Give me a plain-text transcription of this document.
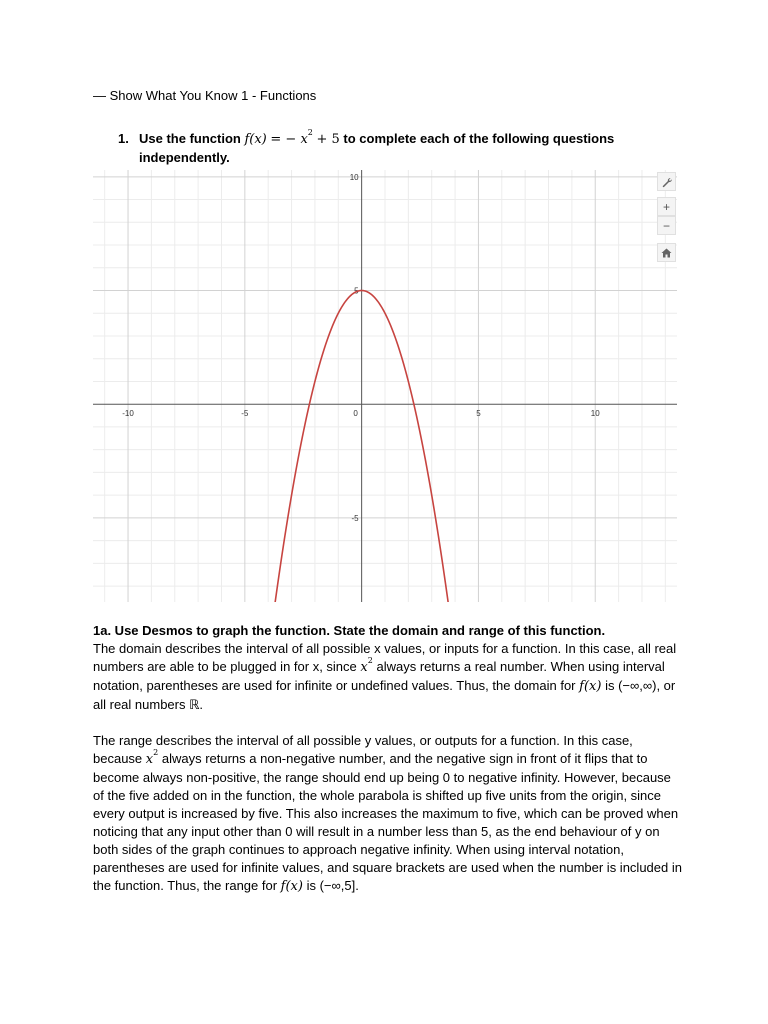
— Show What You Know 1 - Functions
1. Use the function f(x) = − $x^2 + 5$ to complete each of the following questions independently.
-10	-5	0	5	10
-5
5
10
+
−

1a. Use Desmos to graph the function. State the domain and range of this function.

The domain describes the interval of all possible x values, or inputs for a function. In this case, all real numbers are able to be plugged in for x, since $x^2$ always returns a real number. When using interval notation, parentheses are used for infinite or undefined values. Thus, the domain for f(x) is (−∞,∞), or all real numbers ℝ.

The range describes the interval of all possible y values, or outputs for a function. In this case, because $x^2$ always returns a non-negative number, and the negative sign in front of it flips that to become always non-positive, the range should end up being 0 to negative infinity. However, because of the five added on in the function, the whole parabola is shifted up five units from the origin, since every output is increased by five. This also increases the maximum to five, which can be proved when noticing that any input other than 0 will result in a number less than 5, as the end behaviour of y on both sides of the graph continues to approach negative infinity. When using interval notation, parentheses are used for infinite values, and square brackets are used when the number is included in the function. Thus, the range for f(x) is (−∞,5].
